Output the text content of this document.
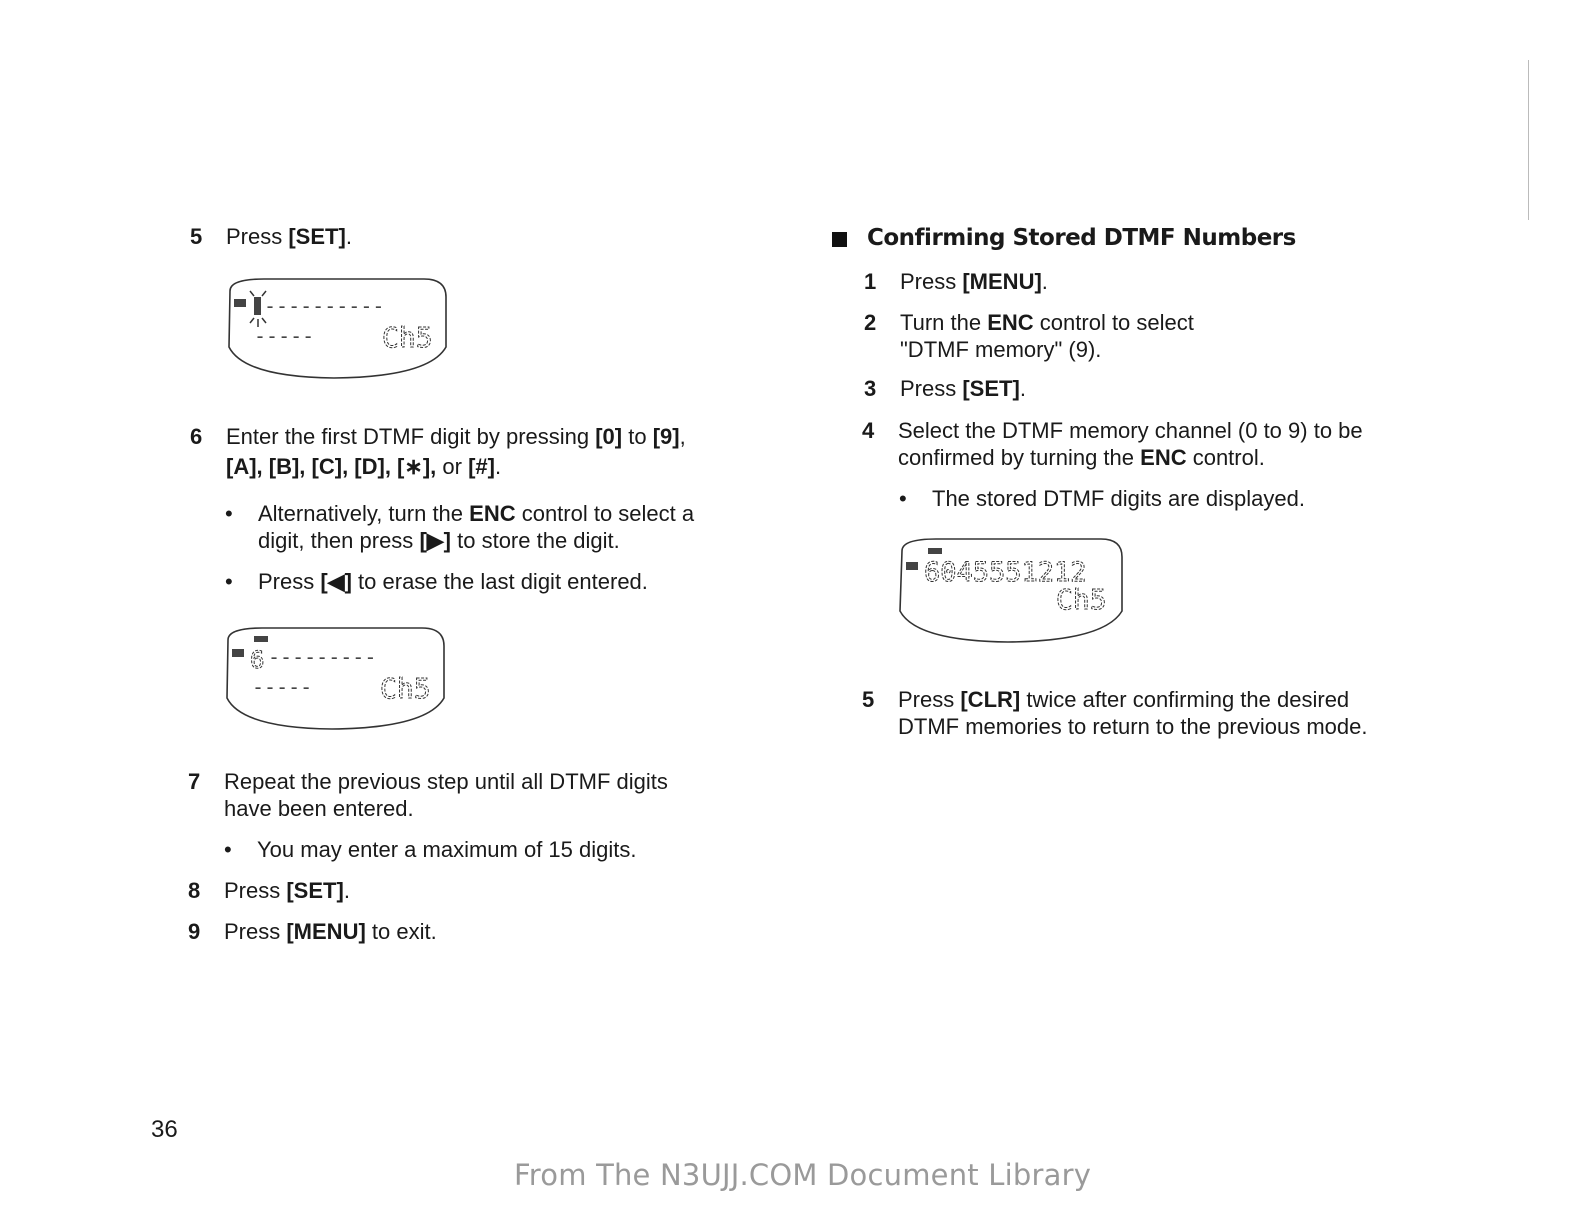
5 Press [SET].
----------
----- Ch5
6 Enter the first DTMF digit by pressing [0] to [9],
[A], [B], [C], [D], [∗], or [#].
• Alternatively, turn the ENC control to select a
digit, then press [▶] to store the digit.
• Press [◀] to erase the last digit entered.
6 ---------
----- Ch5
7 Repeat the previous step until all DTMF digits
have been entered.
• You may enter a maximum of 15 digits.
8 Press [SET].
9 Press [MENU] to exit.
Confirming Stored DTMF Numbers
1 Press [MENU].
2 Turn the ENC control to select
"DTMF memory" (9).
3 Press [SET].
4 Select the DTMF memory channel (0 to 9) to be
confirmed by turning the ENC control.
• The stored DTMF digits are displayed.
6045551212
Ch5
5 Press [CLR] twice after confirming the desired
DTMF memories to return to the previous mode.
36
From The N3UJJ.COM Document Library
